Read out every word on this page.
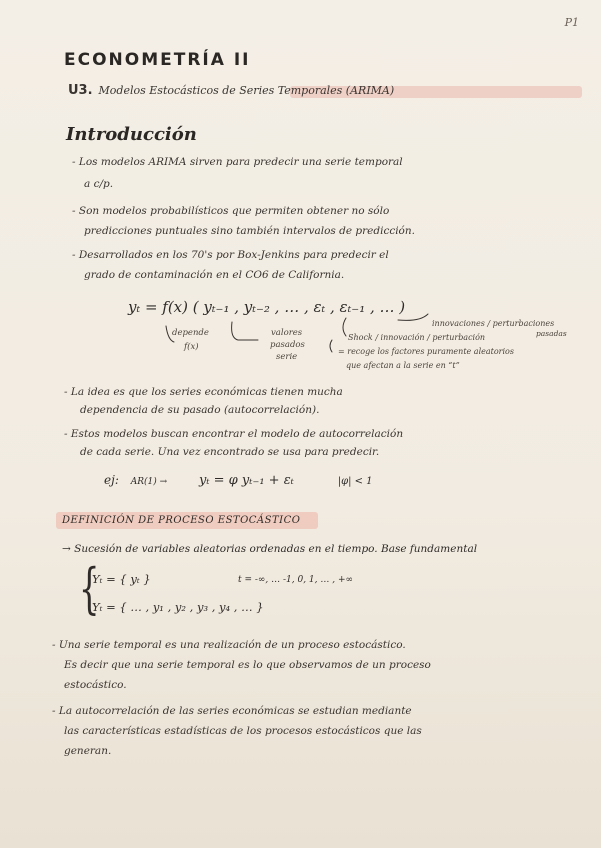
P1
ECONOMETRÍA II
U3. Modelos Estocásticos de Series Temporales (ARIMA)
Introducción
- Los modelos ARIMA sirven para predecir una serie temporal
a c/p.
- Son modelos probabilísticos que permiten obtener no sólo
predicciones puntuales sino también intervalos de predicción.
- Desarrollados en los 70's por Box-Jenkins para predecir el
grado de contaminación en el CO6 de California.
yₜ = f(x) ( yₜ₋₁ , yₜ₋₂ , … , εₜ , εₜ₋₁ , … )
depende
f(x)
valores
pasados
serie
Shock / innovación / perturbación
= recoge los factores puramente aleatorios
que afectan a la serie en “t”
innovaciones / perturbaciones
pasadas
- La idea es que los series económicas tienen mucha
dependencia de su pasado (autocorrelación).
- Estos modelos buscan encontrar el modelo de autocorrelación
de cada serie. Una vez encontrado se usa para predecir.
ej: AR(1) → yₜ = φ yₜ₋₁ + εₜ	|φ| < 1
DEFINICIÓN DE PROCESO ESTOCÁSTICO
→ Sucesión de variables aleatorias ordenadas en el tiempo. Base fundamental
{
Yₜ = { yₜ }	t = -∞, … -1, 0, 1, … , +∞
Yₜ = { … , y₁ , y₂ , y₃ , y₄ , … }
- Una serie temporal es una realización de un proceso estocástico.
Es decir que una serie temporal es lo que observamos de un proceso
estocástico.
- La autocorrelación de las series económicas se estudian mediante
las características estadísticas de los procesos estocásticos que las
generan.
